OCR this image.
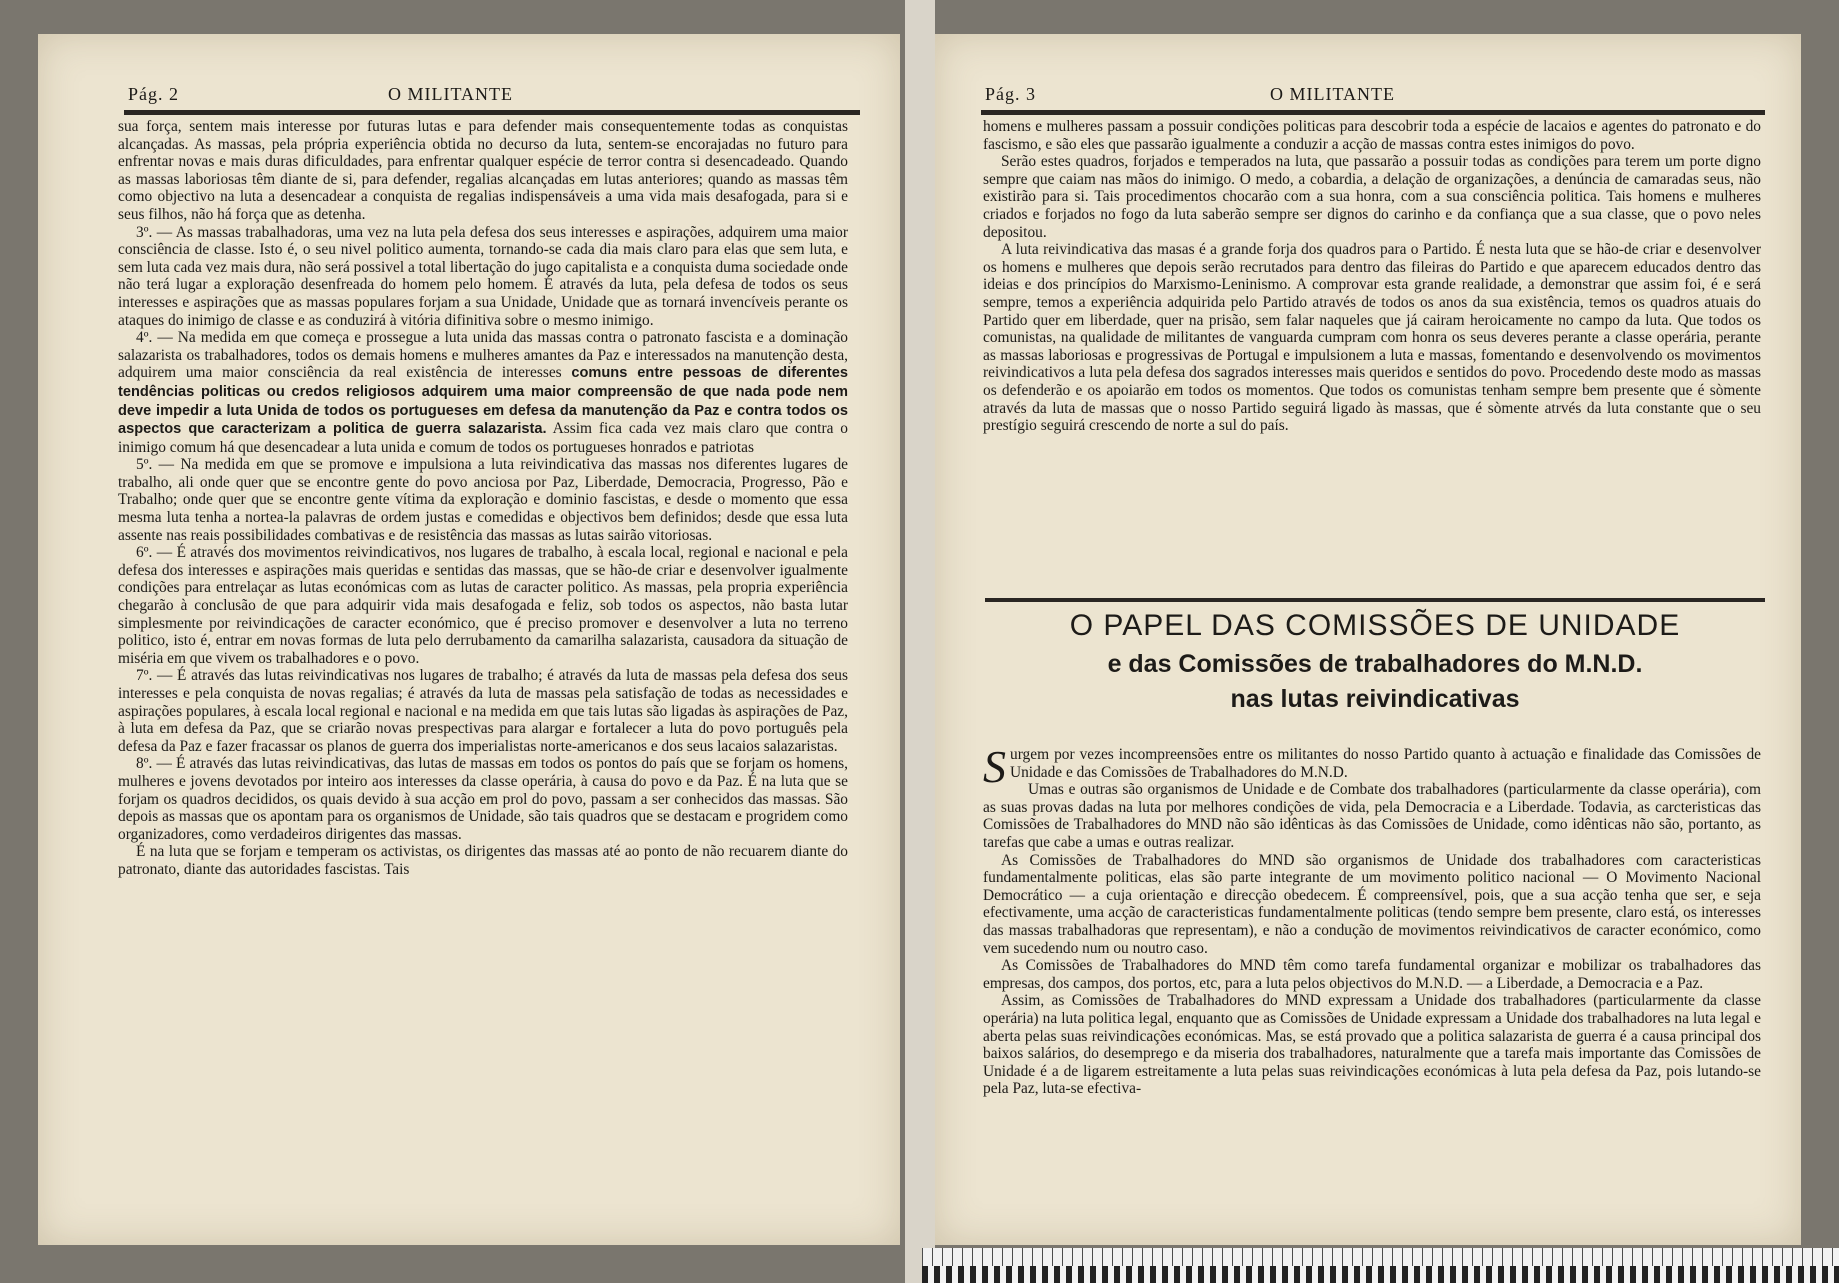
Pág. 2	O MILITANTE

sua força, sentem mais interesse por futuras lutas e para defender mais consequentemente todas as conquistas alcançadas. As massas, pela própria experiência obtida no decurso da luta, sentem-se encorajadas no futuro para enfrentar novas e mais duras dificuldades, para enfrentar qualquer espécie de terror contra si desencadeado. Quando as massas laboriosas têm diante de si, para defender, regalias alcançadas em lutas anteriores; quando as massas têm como objectivo na luta a desencadear a conquista de regalias indispensáveis a uma vida mais desafogada, para si e seus filhos, não há força que as detenha.

3º. — As massas trabalhadoras, uma vez na luta pela defesa dos seus interesses e aspirações, adquirem uma maior consciência de classe. Isto é, o seu nivel politico aumenta, tornando-se cada dia mais claro para elas que sem luta, e sem luta cada vez mais dura, não será possivel a total libertação do jugo capitalista e a conquista duma sociedade onde não terá lugar a exploração desenfreada do homem pelo homem. É através da luta, pela defesa de todos os seus interesses e aspirações que as massas populares forjam a sua Unidade, Unidade que as tornará invencíveis perante os ataques do inimigo de classe e as conduzirá à vitória difinitiva sobre o mesmo inimigo.

4º. — Na medida em que começa e prossegue a luta unida das massas contra o patronato fascista e a dominação salazarista os trabalhadores, todos os demais homens e mulheres amantes da Paz e interessados na manutenção desta, adquirem uma maior consciência da real existência de interesses comuns entre pessoas de diferentes tendências politicas ou credos religiosos adquirem uma maior compreensão de que nada pode nem deve impedir a luta Unida de todos os portugueses em defesa da manutenção da Paz e contra todos os aspectos que caracterizam a politica de guerra salazarista. Assim fica cada vez mais claro que contra o inimigo comum há que desencadear a luta unida e comum de todos os portugueses honrados e patriotas

5º. — Na medida em que se promove e impulsiona a luta reivindicativa das massas nos diferentes lugares de trabalho, ali onde quer que se encontre gente do povo anciosa por Paz, Liberdade, Democracia, Progresso, Pão e Trabalho; onde quer que se encontre gente vítima da exploração e dominio fascistas, e desde o momento que essa mesma luta tenha a nortea-la palavras de ordem justas e comedidas e objectivos bem definidos; desde que essa luta assente nas reais possibilidades combativas e de resistência das massas as lutas sairão vitoriosas.

6º. — É através dos movimentos reivindicativos, nos lugares de trabalho, à escala local, regional e nacional e pela defesa dos interesses e aspirações mais queridas e sentidas das massas, que se hão-de criar e desenvolver igualmente condições para entrelaçar as lutas económicas com as lutas de caracter politico. As massas, pela propria experiência chegarão à conclusão de que para adquirir vida mais desafogada e feliz, sob todos os aspectos, não basta lutar simplesmente por reivindicações de caracter económico, que é preciso promover e desenvolver a luta no terreno politico, isto é, entrar em novas formas de luta pelo derrubamento da camarilha salazarista, causadora da situação de miséria em que vivem os trabalhadores e o povo.

7º. — É através das lutas reivindicativas nos lugares de trabalho; é através da luta de massas pela defesa dos seus interesses e pela conquista de novas regalias; é através da luta de massas pela satisfação de todas as necessidades e aspirações populares, à escala local regional e nacional e na medida em que tais lutas são ligadas às aspirações de Paz, à luta em defesa da Paz, que se criarão novas prespectivas para alargar e fortalecer a luta do povo português pela defesa da Paz e fazer fracassar os planos de guerra dos imperialistas norte-americanos e dos seus lacaios salazaristas.

8º. — É através das lutas reivindicativas, das lutas de massas em todos os pontos do país que se forjam os homens, mulheres e jovens devotados por inteiro aos interesses da classe operária, à causa do povo e da Paz. É na luta que se forjam os quadros decididos, os quais devido à sua acção em prol do povo, passam a ser conhecidos das massas. São depois as massas que os apontam para os organismos de Unidade, são tais quadros que se destacam e progridem como organizadores, como verdadeiros dirigentes das massas.

É na luta que se forjam e temperam os activistas, os dirigentes das massas até ao ponto de não recuarem diante do patronato, diante das autoridades fascistas. Tais

Pág. 3	O MILITANTE

homens e mulheres passam a possuir condições politicas para descobrir toda a espécie de lacaios e agentes do patronato e do fascismo, e são eles que passarão igualmente a conduzir a acção de massas contra estes inimigos do povo.

Serão estes quadros, forjados e temperados na luta, que passarão a possuir todas as condições para terem um porte digno sempre que caiam nas mãos do inimigo. O medo, a cobardia, a delação de organizações, a denúncia de camaradas seus, não existirão para si. Tais procedimentos chocarão com a sua honra, com a sua consciência politica. Tais homens e mulheres criados e forjados no fogo da luta saberão sempre ser dignos do carinho e da confiança que a sua classe, que o povo neles depositou.

A luta reivindicativa das masas é a grande forja dos quadros para o Partido. É nesta luta que se hão-de criar e desenvolver os homens e mulheres que depois serão recrutados para dentro das fileiras do Partido e que aparecem educados dentro das ideias e dos princípios do Marxismo-Leninismo. A comprovar esta grande realidade, a demonstrar que assim foi, é e será sempre, temos a experiência adquirida pelo Partido através de todos os anos da sua existência, temos os quadros atuais do Partido quer em liberdade, quer na prisão, sem falar naqueles que já cairam heroicamente no campo da luta. Que todos os comunistas, na qualidade de militantes de vanguarda cumpram com honra os seus deveres perante a classe operária, perante as massas laboriosas e progressivas de Portugal e impulsionem a luta e massas, fomentando e desenvolvendo os movimentos reivindicativos a luta pela defesa dos sagrados interesses mais queridos e sentidos do povo. Procedendo deste modo as massas os defenderão e os apoiarão em todos os momentos. Que todos os comunistas tenham sempre bem presente que é sòmente através da luta de massas que o nosso Partido seguirá ligado às massas, que é sòmente atrvés da luta constante que o seu prestígio seguirá crescendo de norte a sul do país.

O PAPEL DAS COMISSÕES DE UNIDADE
e das Comissões de trabalhadores do M.N.D.
nas lutas reivindicativas

Surgem por vezes incompreensões entre os militantes do nosso Partido quanto à actuação e finalidade das Comissões de Unidade e das Comissões de Trabalhadores do M.N.D.

Umas e outras são organismos de Unidade e de Combate dos trabalhadores (particularmente da classe operária), com as suas provas dadas na luta por melhores condições de vida, pela Democracia e a Liberdade. Todavia, as carcteristicas das Comissões de Trabalhadores do MND não são idênticas às das Comissões de Unidade, como idênticas não são, portanto, as tarefas que cabe a umas e outras realizar.

As Comissões de Trabalhadores do MND são organismos de Unidade dos trabalhadores com caracteristicas fundamentalmente politicas, elas são parte integrante de um movimento politico nacional — O Movimento Nacional Democrático — a cuja orientação e direcção obedecem. É compreensível, pois, que a sua acção tenha que ser, e seja efectivamente, uma acção de caracteristicas fundamentalmente politicas (tendo sempre bem presente, claro está, os interesses das massas trabalhadoras que representam), e não a condução de movimentos reivindicativos de caracter económico, como vem sucedendo num ou noutro caso.

As Comissões de Trabalhadores do MND têm como tarefa fundamental organizar e mobilizar os trabalhadores das empresas, dos campos, dos portos, etc, para a luta pelos objectivos do M.N.D. — a Liberdade, a Democracia e a Paz.

Assim, as Comissões de Trabalhadores do MND expressam a Unidade dos trabalhadores (particularmente da classe operária) na luta politica legal, enquanto que as Comissões de Unidade expressam a Unidade dos trabalhadores na luta legal e aberta pelas suas reivindicações económicas. Mas, se está provado que a politica salazarista de guerra é a causa principal dos baixos salários, do desemprego e da miseria dos trabalhadores, naturalmente que a tarefa mais importante das Comissões de Unidade é a de ligarem estreitamente a luta pelas suas reivindicações económicas à luta pela defesa da Paz, pois lutando-se pela Paz, luta-se efectiva-
